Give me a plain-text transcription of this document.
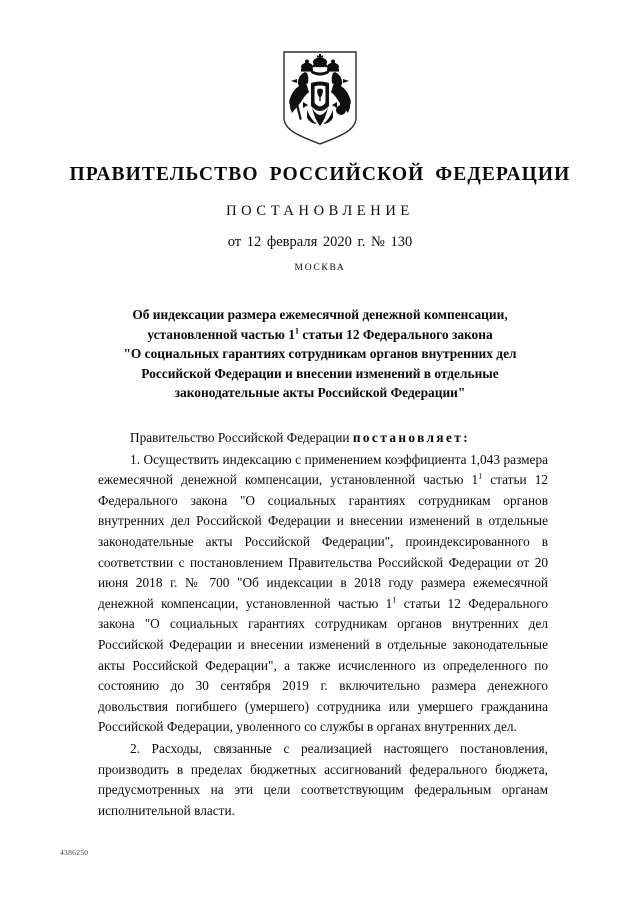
ПРАВИТЕЛЬСТВО РОССИЙСКОЙ ФЕДЕРАЦИИ
ПОСТАНОВЛЕНИЕ
от 12 февраля 2020 г. № 130
МОСКВА
Об индексации размера ежемесячной денежной компенсации,
установленной частью $1^1$ статьи 12 Федерального закона
"О социальных гарантиях сотрудникам органов внутренних дел
Российской Федерации и внесении изменений в отдельные
законодательные акты Российской Федерации"

Правительство Российской Федерации постановляет:

1. Осуществить индексацию с применением коэффициента 1,043 размера ежемесячной денежной компенсации, установленной частью $1^1$ статьи 12 Федерального закона "О социальных гарантиях сотрудникам органов внутренних дел Российской Федерации и внесении изменений в отдельные законодательные акты Российской Федерации", проиндексированного в соответствии с постановлением Правительства Российской Федерации от 20 июня 2018 г. № 700 "Об индексации в 2018 году размера ежемесячной денежной компенсации, установленной частью $1^1$ статьи 12 Федерального закона "О социальных гарантиях сотрудникам органов внутренних дел Российской Федерации и внесении изменений в отдельные законодательные акты Российской Федерации", а также исчисленного из определенного по состоянию до 30 сентября 2019 г. включительно размера денежного довольствия погибшего (умершего) сотрудника или умершего гражданина Российской Федерации, уволенного со службы в органах внутренних дел.

2. Расходы, связанные с реализацией настоящего постановления, производить в пределах бюджетных ассигнований федерального бюджета, предусмотренных на эти цели соответствующим федеральным органам исполнительной власти.

4386250
